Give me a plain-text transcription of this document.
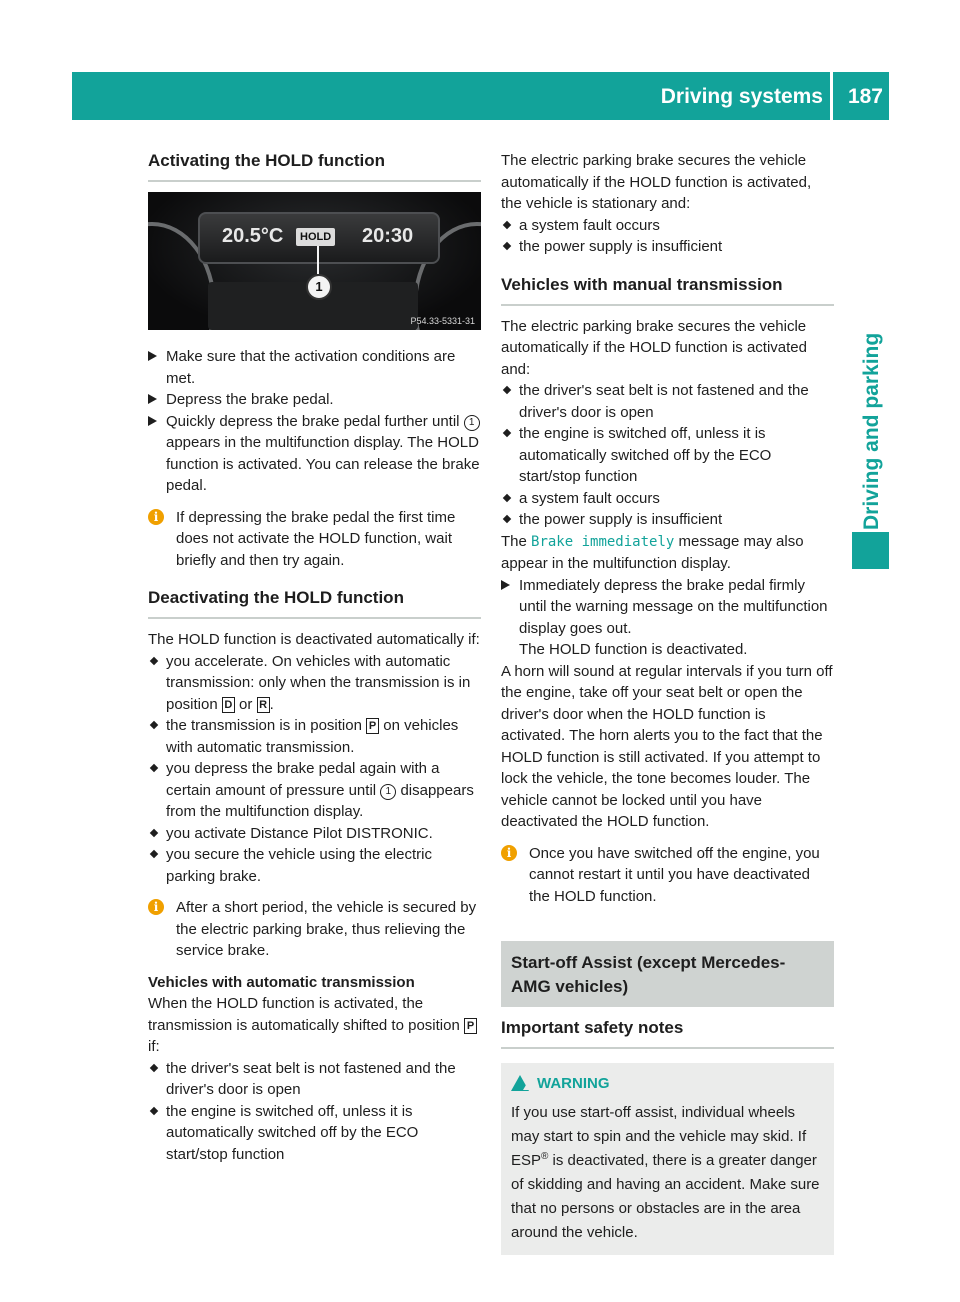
Driving systems 187
Driving and parking
Activating the HOLD function
20.5°C	HOLD 20:30
1
P54.33-5331-31

Make sure that the activation conditions are met.

Depress the brake pedal.

Quickly depress the brake pedal further until 1 appears in the multifunction display. The HOLD function is activated. You can release the brake pedal.

i	If depressing the brake pedal the first time does not activate the HOLD function, wait briefly and then try again.

Deactivating the HOLD function

The HOLD function is deactivated automatically if:

you accelerate. On vehicles with automatic transmission: only when the transmission is in position D or R .

the transmission is in position P on vehicles with automatic transmission.

you depress the brake pedal again with a certain amount of pressure until 1 disappears from the multifunction display.

you activate Distance Pilot DISTRONIC.

you secure the vehicle using the electric parking brake.

i	After a short period, the vehicle is secured by the electric parking brake, thus relieving the service brake.

Vehicles with automatic transmission

When the HOLD function is activated, the transmission is automatically shifted to position P if:

the driver's seat belt is not fastened and the driver's door is open

the engine is switched off, unless it is automatically switched off by the ECO start/stop function

The electric parking brake secures the vehicle automatically if the HOLD function is activated, the vehicle is stationary and:

a system fault occurs

the power supply is insufficient

Vehicles with manual transmission

The electric parking brake secures the vehicle automatically if the HOLD function is activated and:

the driver's seat belt is not fastened and the driver's door is open

the engine is switched off, unless it is automatically switched off by the ECO start/stop function

a system fault occurs

the power supply is insufficient

The Brake immediately message may also appear in the multifunction display.

Immediately depress the brake pedal firmly until the warning message on the multifunction display goes out.

The HOLD function is deactivated.

A horn will sound at regular intervals if you turn off the engine, take off your seat belt or open the driver's door when the HOLD function is activated. The horn alerts you to the fact that the HOLD function is still activated. If you attempt to lock the vehicle, the tone becomes louder. The vehicle cannot be locked until you have deactivated the HOLD function.

i	Once you have switched off the engine, you cannot restart it until you have deactivated the HOLD function.

Start-off Assist (except Mercedes-AMG vehicles)
Important safety notes
WARNING

If you use start-off assist, individual wheels may start to spin and the vehicle may skid. If ESP® is deactivated, there is a greater danger of skidding and having an accident. Make sure that no persons or obstacles are in the area around the vehicle.
